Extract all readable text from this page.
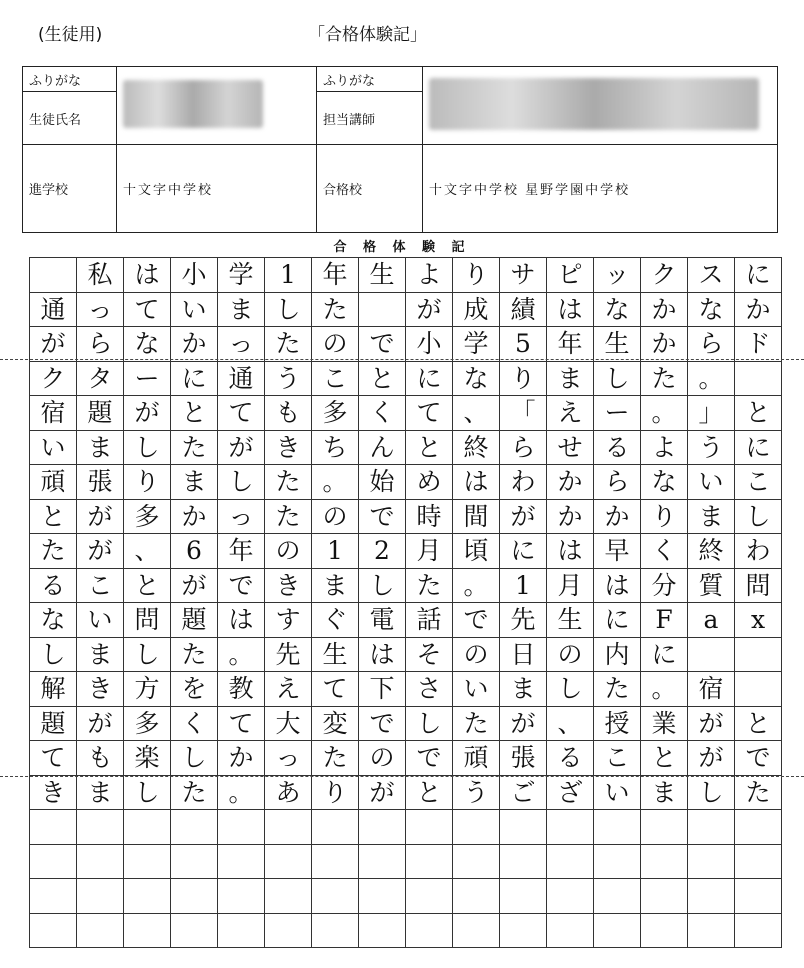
(生徒用)	「合格体験記」
ふりがな		ふりがな	
生徒氏名		担当講師	
進学校	十文字中学校	合格校	十文字中学校 星野学園中学校
合 格 体 験 記
私 は 小 学	1	年 生 よ り サ ピ ッ ク ス に
通 っ て い ま し た	が 成 績 は な か な か
が ら な か っ た の で 小 学	5	年 生 か ら ド
ク タ ー に 通 う こ と に な り ま し た 。
宿 題 が と て も 多 く て 、 「 え ー 。 」 と
い ま し た が き ち ん と 終 ら せ る よ う に
頑 張 り ま し た 。 始 め は わ か ら な い こ
と が 多 か っ た の で 時 間 が か か り ま し
た が 、	6	年 の	1	2	月 頃 に は 早 く 終 わ
る こ と が で き ま し た 。	1	月 は 分 質 問
な い 問 題 は す ぐ 電 話 で 先 生 に	F	a	x
し ま し た 。 先 生 は そ の 日 の 内 に
解 き 方 を 教 え て 下 さ い ま し た 。 宿
題 が 多 く て 大 変 で し た が 、 授 業 が と
て も 楽 し か っ た の で 頑 張 る こ と が で
き ま し た 。 あ り が と う ご ざ い ま し た
